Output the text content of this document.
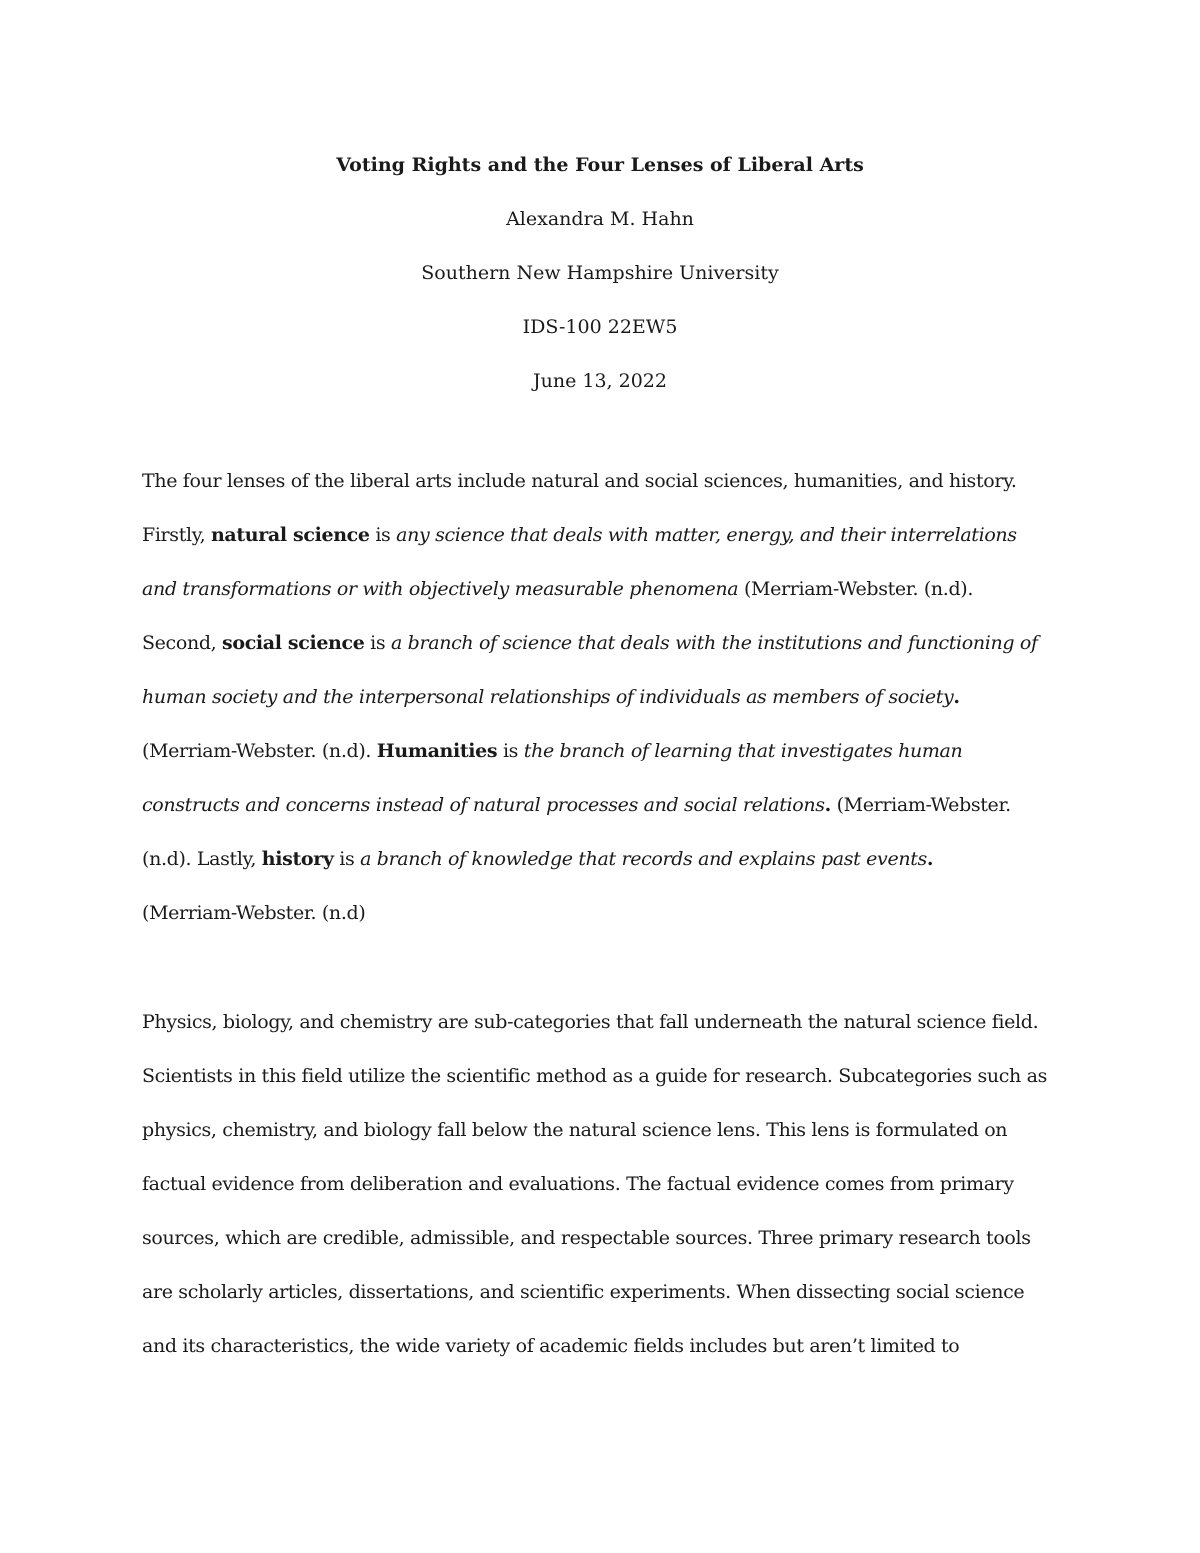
Voting Rights and the Four Lenses of Liberal Arts
Alexandra M. Hahn
Southern New Hampshire University
IDS-100 22EW5
June 13, 2022
The four lenses of the liberal arts include natural and social sciences, humanities, and history.
Firstly, natural science is any science that deals with matter, energy, and their interrelations
and transformations or with objectively measurable phenomena (Merriam-Webster. (n.d).
Second, social science is a branch of science that deals with the institutions and functioning of
human society and the interpersonal relationships of individuals as members of society.
(Merriam-Webster. (n.d). Humanities is the branch of learning that investigates human
constructs and concerns instead of natural processes and social relations. (Merriam-Webster.
(n.d). Lastly, history is a branch of knowledge that records and explains past events.
(Merriam-Webster. (n.d)
Physics, biology, and chemistry are sub-categories that fall underneath the natural science field.
Scientists in this field utilize the scientific method as a guide for research. Subcategories such as
physics, chemistry, and biology fall below the natural science lens. This lens is formulated on
factual evidence from deliberation and evaluations. The factual evidence comes from primary
sources, which are credible, admissible, and respectable sources. Three primary research tools
are scholarly articles, dissertations, and scientific experiments. When dissecting social science
and its characteristics, the wide variety of academic fields includes but aren’t limited to
